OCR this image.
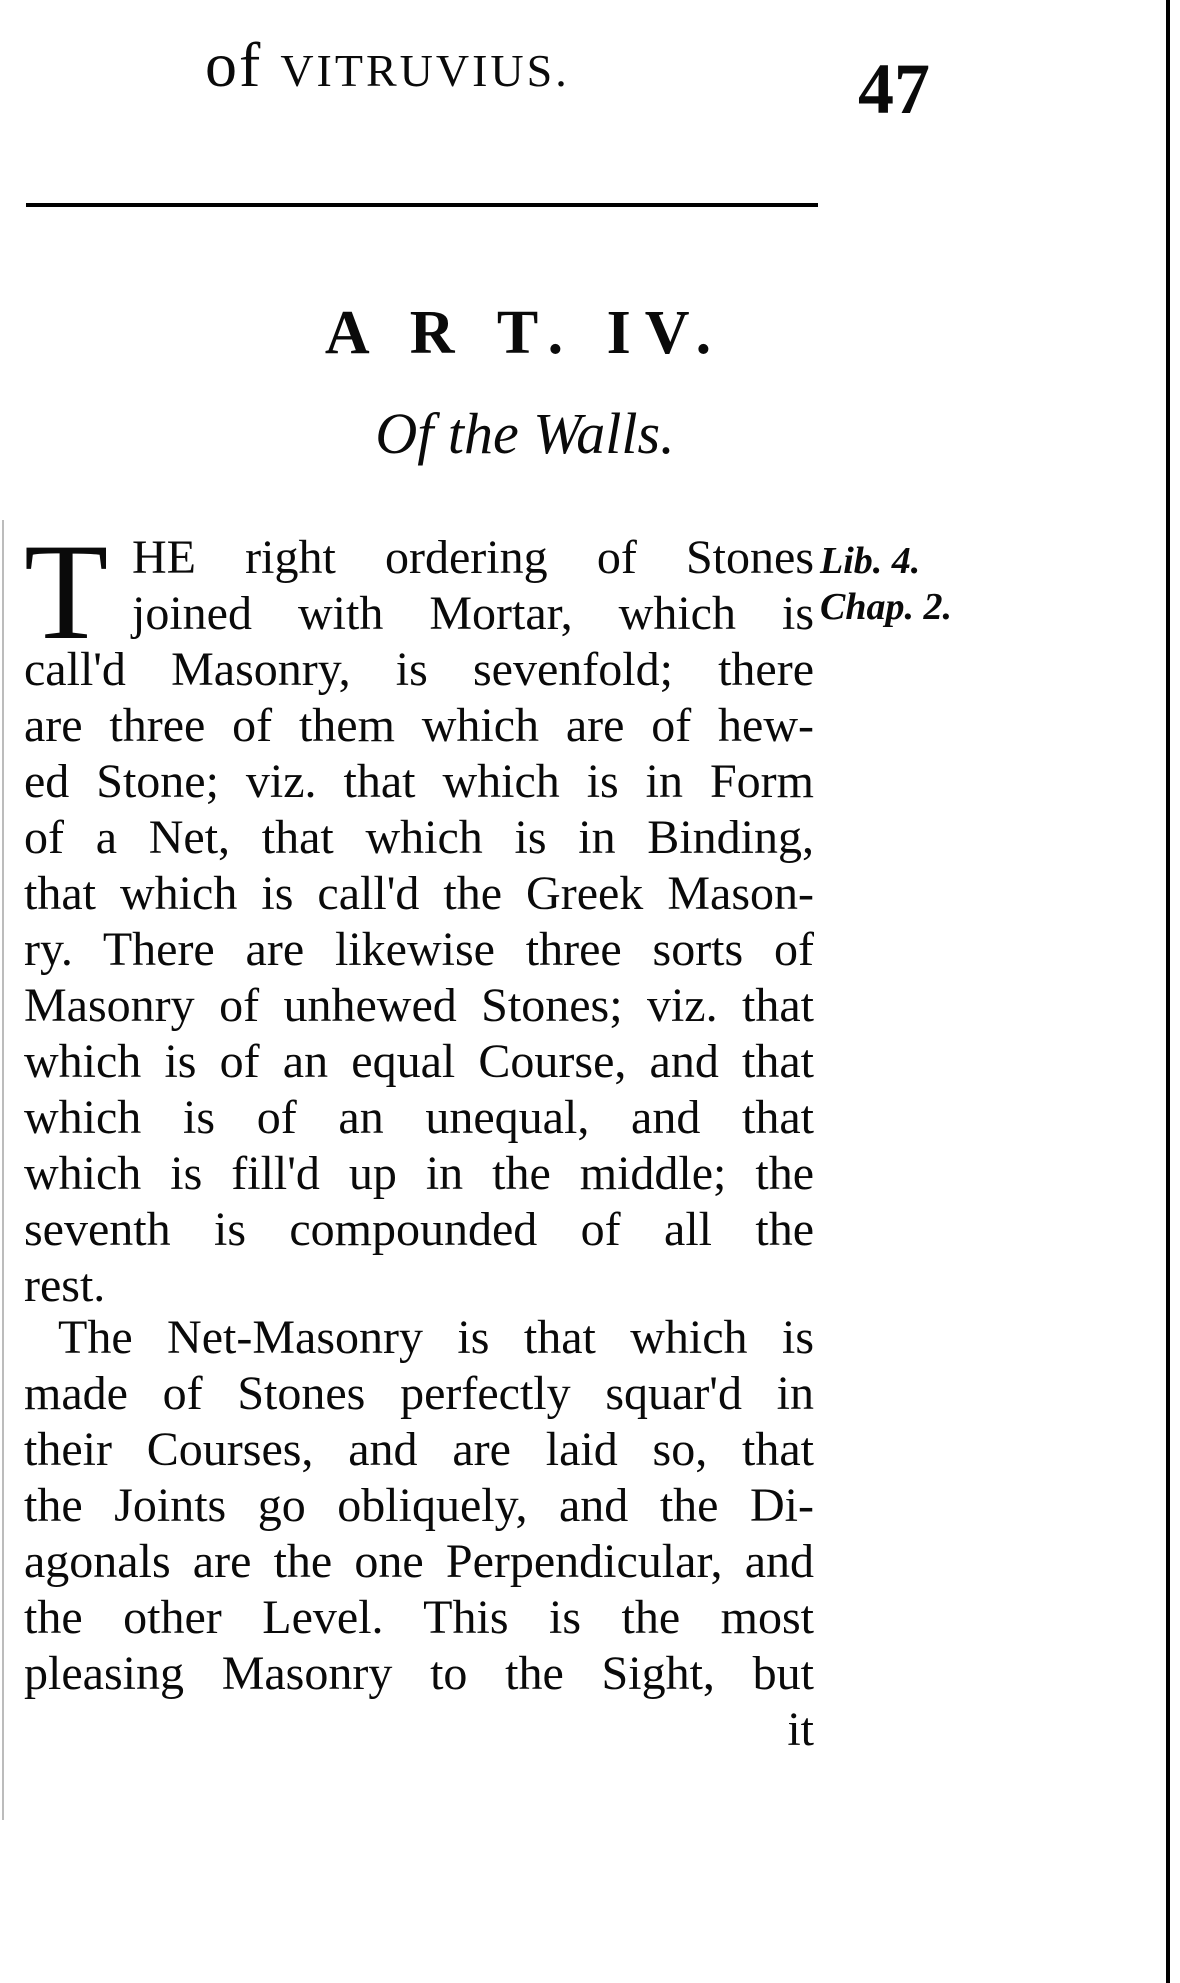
of VITRUVIUS.	47
A R T. IV.
Of the Walls.
T	Lib. 4.
Chap. 2.
HE right ordering of Stones
joined with Mortar, which is
call'd Masonry, is sevenfold; there
are three of them which are of hew-
ed Stone; viz. that which is in Form
of a Net, that which is in Binding,
that which is call'd the Greek Mason-
ry. There are likewise three sorts of
Masonry of unhewed Stones; viz. that
which is of an equal Course, and that
which is of an unequal, and that
which is fill'd up in the middle; the
seventh is compounded of all the
rest.
The Net-Masonry is that which is
made of Stones perfectly squar'd in
their Courses, and are laid so, that
the Joints go obliquely, and the Di-
agonals are the one Perpendicular, and
the other Level. This is the most
pleasing Masonry to the Sight, but
it
